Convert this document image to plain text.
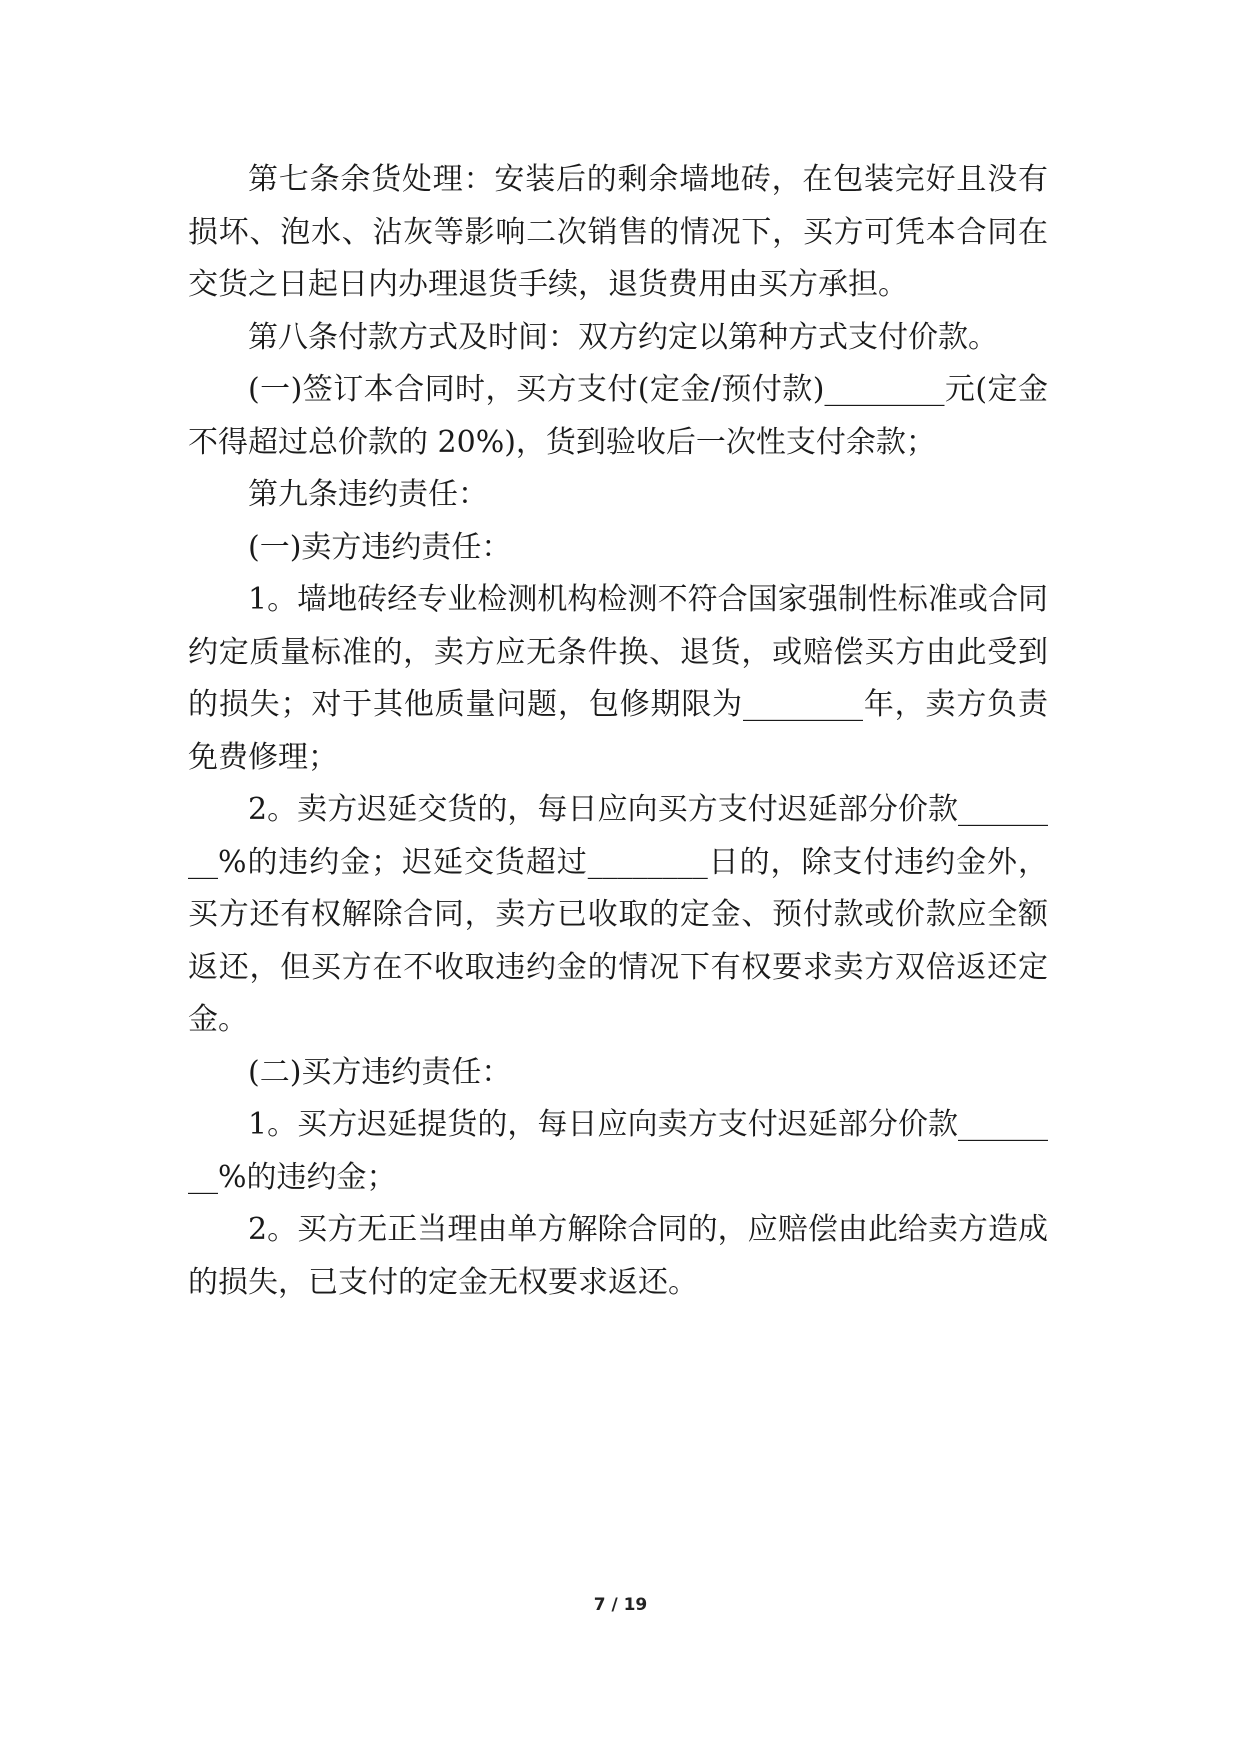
第七条余货处理：安装后的剩余墙地砖，在包装完好且没有损坏、泡水、沾灰等影响二次销售的情况下，买方可凭本合同在交货之日起日内办理退货手续，退货费用由买方承担。

第八条付款方式及时间：双方约定以第种方式支付价款。

(一)签订本合同时，买方支付(定金/预付款)________元(定金不得超过总价款的 20%)，货到验收后一次性支付余款；

第九条违约责任：

(一)卖方违约责任：

1。墙地砖经专业检测机构检测不符合国家强制性标准或合同约定质量标准的，卖方应无条件换、退货，或赔偿买方由此受到的损失；对于其他质量问题，包修期限为________年，卖方负责免费修理；

2。卖方迟延交货的，每日应向买方支付迟延部分价款________%的违约金；迟延交货超过________日的，除支付违约金外，买方还有权解除合同，卖方已收取的定金、预付款或价款应全额返还，但买方在不收取违约金的情况下有权要求卖方双倍返还定金。

(二)买方违约责任：

1。买方迟延提货的，每日应向卖方支付迟延部分价款________%的违约金；

2。买方无正当理由单方解除合同的，应赔偿由此给卖方造成的损失，已支付的定金无权要求返还。

7 / 19
